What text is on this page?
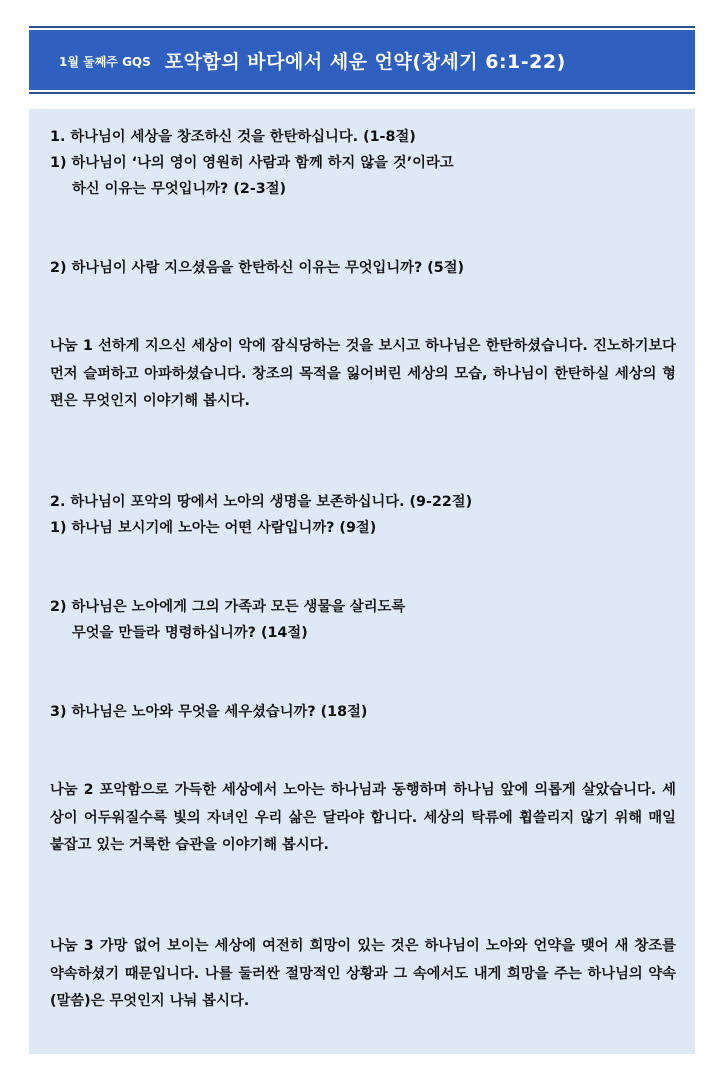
1월 둘째주 GQS 포악함의 바다에서 세운 언약(창세기 6:1-22)
1. 하나님이 세상을 창조하신 것을 한탄하십니다. (1-8절)
1) 하나님이 ‘나의 영이 영원히 사람과 함께 하지 않을 것’이라고
하신 이유는 무엇입니까? (2-3절)
2) 하나님이 사람 지으셨음을 한탄하신 이유는 무엇입니까? (5절)

나눔 1 선하게 지으신 세상이 악에 잠식당하는 것을 보시고 하나님은 한탄하셨습니다. 진노하기보다 먼저 슬퍼하고 아파하셨습니다. 창조의 목적을 잃어버린 세상의 모습, 하나님이 한탄하실 세상의 형편은 무엇인지 이야기해 봅시다.

2. 하나님이 포악의 땅에서 노아의 생명을 보존하십니다. (9-22절)
1) 하나님 보시기에 노아는 어떤 사람입니까? (9절)
2) 하나님은 노아에게 그의 가족과 모든 생물을 살리도록
무엇을 만들라 명령하십니까? (14절)
3) 하나님은 노아와 무엇을 세우셨습니까? (18절)

나눔 2 포악함으로 가득한 세상에서 노아는 하나님과 동행하며 하나님 앞에 의롭게 살았습니다. 세상이 어두워질수록 빛의 자녀인 우리 삶은 달라야 합니다. 세상의 탁류에 휩쓸리지 않기 위해 매일 붙잡고 있는 거룩한 습관을 이야기해 봅시다.

나눔 3 가망 없어 보이는 세상에 여전히 희망이 있는 것은 하나님이 노아와 언약을 맺어 새 창조를 약속하셨기 때문입니다. 나를 둘러싼 절망적인 상황과 그 속에서도 내게 희망을 주는 하나님의 약속(말씀)은 무엇인지 나눠 봅시다.
